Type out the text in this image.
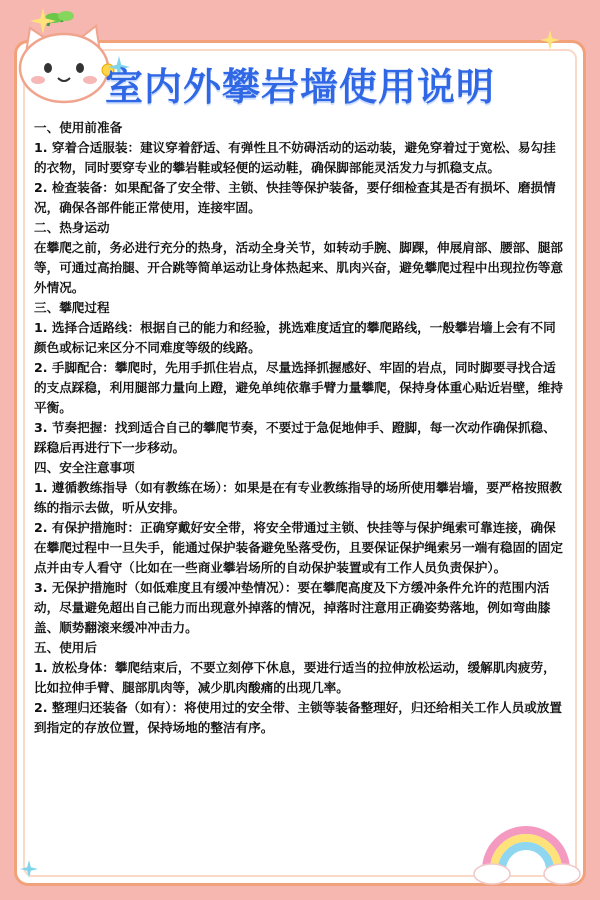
室内外攀岩墙使用说明

一、使用前准备

1. 穿着合适服装：建议穿着舒适、有弹性且不妨碍活动的运动装，避免穿着过于宽松、易勾挂的衣物，同时要穿专业的攀岩鞋或轻便的运动鞋，确保脚部能灵活发力与抓稳支点。

2. 检查装备：如果配备了安全带、主锁、快挂等保护装备，要仔细检查其是否有损坏、磨损情况，确保各部件能正常使用，连接牢固。

二、热身运动

在攀爬之前，务必进行充分的热身，活动全身关节，如转动手腕、脚踝，伸展肩部、腰部、腿部等，可通过高抬腿、开合跳等简单运动让身体热起来、肌肉兴奋，避免攀爬过程中出现拉伤等意外情况。

三、攀爬过程

1. 选择合适路线：根据自己的能力和经验，挑选难度适宜的攀爬路线，一般攀岩墙上会有不同颜色或标记来区分不同难度等级的线路。

2. 手脚配合：攀爬时，先用手抓住岩点，尽量选择抓握感好、牢固的岩点，同时脚要寻找合适的支点踩稳，利用腿部力量向上蹬，避免单纯依靠手臂力量攀爬，保持身体重心贴近岩壁，维持平衡。

3. 节奏把握：找到适合自己的攀爬节奏，不要过于急促地伸手、蹬脚，每一次动作确保抓稳、踩稳后再进行下一步移动。

四、安全注意事项

1. 遵循教练指导（如有教练在场）：如果是在有专业教练指导的场所使用攀岩墙，要严格按照教练的指示去做，听从安排。

2. 有保护措施时：正确穿戴好安全带，将安全带通过主锁、快挂等与保护绳索可靠连接，确保在攀爬过程中一旦失手，能通过保护装备避免坠落受伤，且要保证保护绳索另一端有稳固的固定点并由专人看守（比如在一些商业攀岩场所的自动保护装置或有工作人员负责保护）。

3. 无保护措施时（如低难度且有缓冲垫情况）：要在攀爬高度及下方缓冲条件允许的范围内活动，尽量避免超出自己能力而出现意外掉落的情况，掉落时注意用正确姿势落地，例如弯曲膝盖、顺势翻滚来缓冲冲击力。

五、使用后

1. 放松身体：攀爬结束后，不要立刻停下休息，要进行适当的拉伸放松运动，缓解肌肉疲劳，比如拉伸手臂、腿部肌肉等，减少肌肉酸痛的出现几率。

2. 整理归还装备（如有）：将使用过的安全带、主锁等装备整理好，归还给相关工作人员或放置到指定的存放位置，保持场地的整洁有序。
